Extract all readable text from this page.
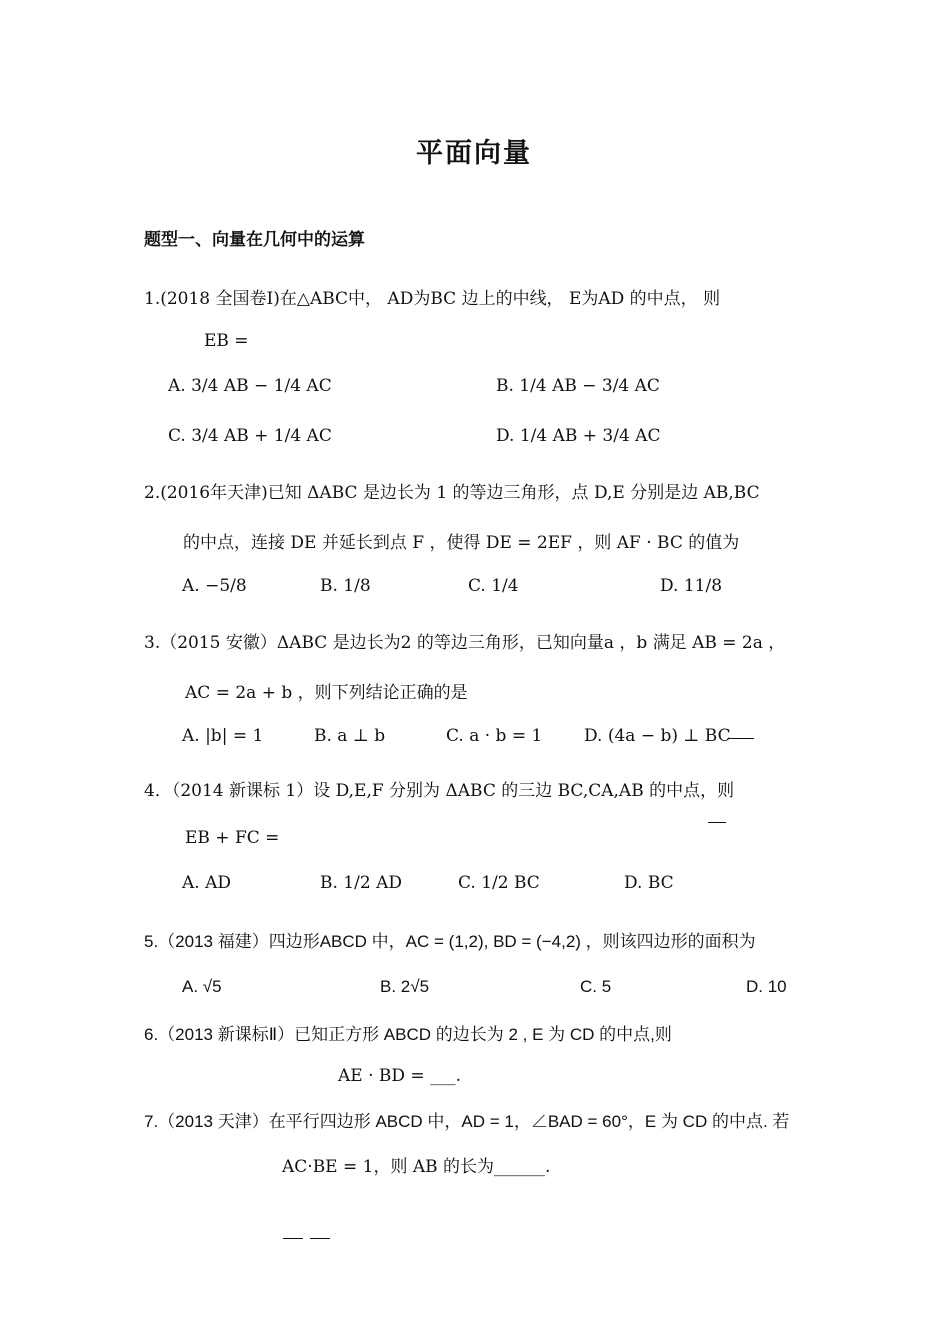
平面向量
题型一、向量在几何中的运算
1.(2018 全国卷Ⅰ)在△ABC中， AD为BC 边上的中线， E为AD 的中点， 则
EB =
A. 3/4 AB − 1/4 AC	B. 1/4 AB − 3/4 AC
C. 3/4 AB + 1/4 AC	D. 1/4 AB + 3/4 AC
2.(2016年天津)已知 ΔABC 是边长为 1 的等边三角形，点 D,E 分别是边 AB,BC
的中点，连接 DE 并延长到点 F ，使得 DE = 2EF ，则 AF · BC 的值为
A. −5/8	B. 1/8	C. 1/4	D. 11/8
3.（2015 安徽）ΔABC 是边长为2 的等边三角形，已知向量a ，b 满足 AB = 2a ，
AC = 2a + b ，则下列结论正确的是
A. |b| = 1	B. a ⊥ b	C. a · b = 1 D. (4a − b) ⊥ BC
4．（2014 新课标 1）设 D,E,F 分别为 ΔABC 的三边 BC,CA,AB 的中点，则
EB + FC =
A. AD	B. 1/2 AD	C. 1/2 BC	D. BC
5.（2013 福建）四边形ABCD 中，AC = (1,2), BD = (−4,2) ，则该四边形的面积为
A. √5	B. 2√5	C. 5	D. 10
6.（2013 新课标Ⅱ）已知正方形 ABCD 的边长为 2 , E 为 CD 的中点,则
AE · BD = ___.
7.（2013 天津）在平行四边形 ABCD 中，AD = 1，∠BAD = 60°，E 为 CD 的中点. 若
AC·BE = 1，则 AB 的长为______.
